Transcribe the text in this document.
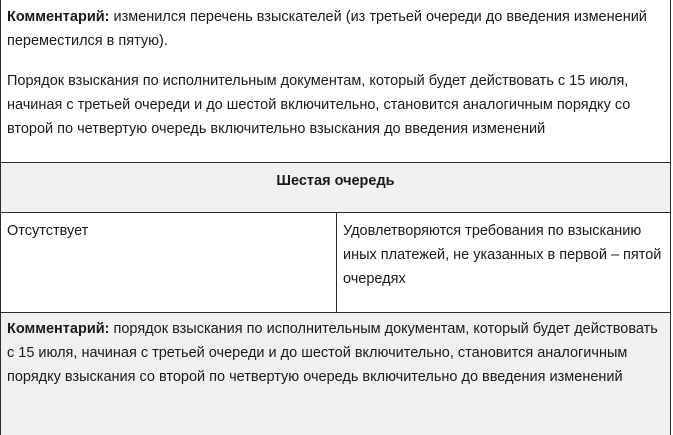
Комментарий: изменился перечень взыскателей (из третьей очереди до введения изменений переместился в пятую).

Порядок взыскания по исполнительным документам, который будет действовать с 15 июля, начиная с третьей очереди и до шестой включительно, становится аналогичным порядку со второй по четвертую очередь включительно взыскания до введения изменений

Шестая очередь
Отсутствует	Удовлетворяются требования по взысканию иных платежей, не указанных в первой – пятой очередях

Комментарий: порядок взыскания по исполнительным документам, который будет действовать с 15 июля, начиная с третьей очереди и до шестой включительно, становится аналогичным порядку взыскания со второй по четвертую очередь включительно до введения изменений
